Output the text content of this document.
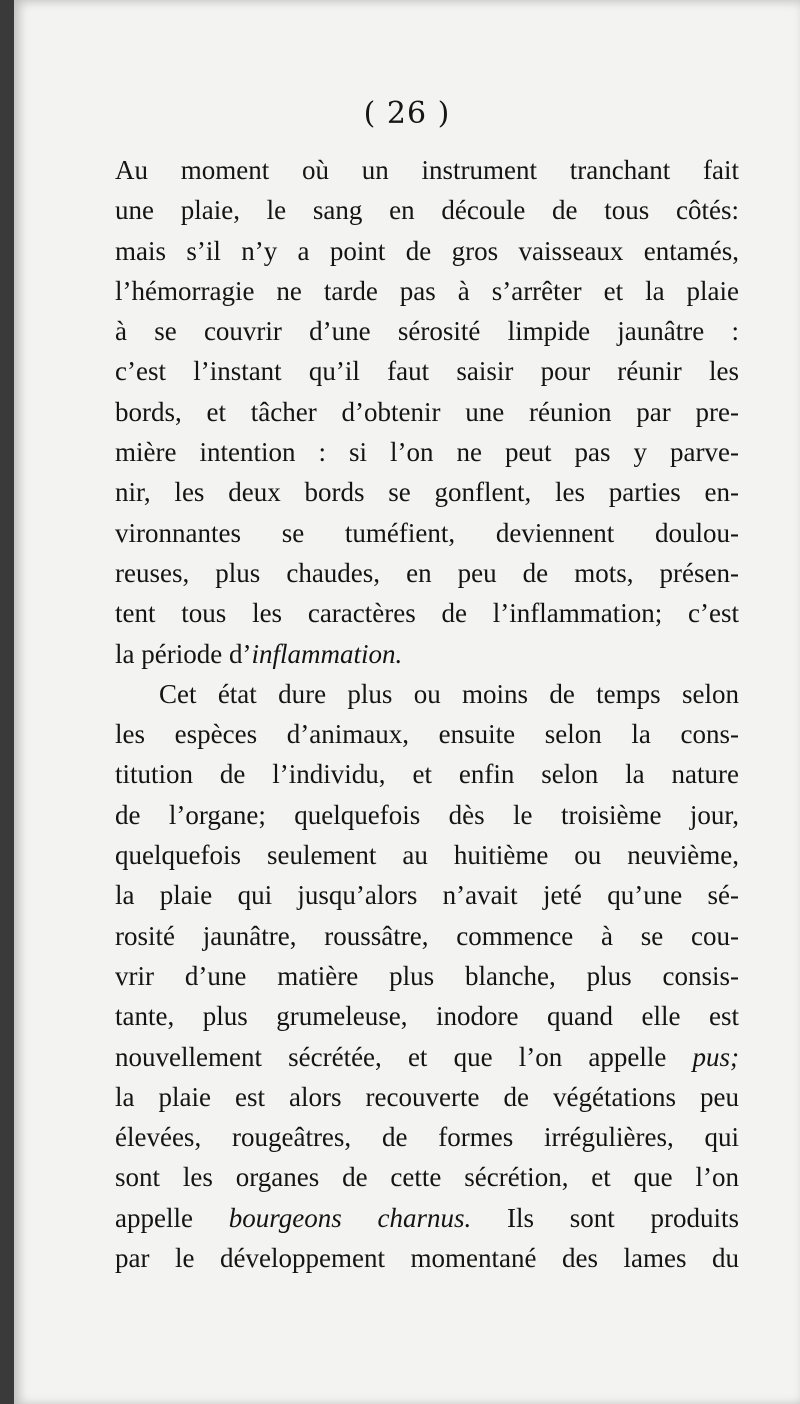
( 26 )
Au moment où un instrument tranchant fait
une plaie, le sang en découle de tous côtés:
mais s’il n’y a point de gros vaisseaux entamés,
l’hémorragie ne tarde pas à s’arrêter et la plaie
à se couvrir d’une sérosité limpide jaunâtre :
c’est l’instant qu’il faut saisir pour réunir les
bords, et tâcher d’obtenir une réunion par pre-
mière intention : si l’on ne peut pas y parve-
nir, les deux bords se gonflent, les parties en-
vironnantes se tuméfient, deviennent doulou-
reuses, plus chaudes, en peu de mots, présen-
tent tous les caractères de l’inflammation; c’est
la période d’inflammation.
Cet état dure plus ou moins de temps selon
les espèces d’animaux, ensuite selon la cons-
titution de l’individu, et enfin selon la nature
de l’organe; quelquefois dès le troisième jour,
quelquefois seulement au huitième ou neuvième,
la plaie qui jusqu’alors n’avait jeté qu’une sé-
rosité jaunâtre, roussâtre, commence à se cou-
vrir d’une matière plus blanche, plus consis-
tante, plus grumeleuse, inodore quand elle est
nouvellement sécrétée, et que l’on appelle pus;
la plaie est alors recouverte de végétations peu
élevées, rougeâtres, de formes irrégulières, qui
sont les organes de cette sécrétion, et que l’on
appelle bourgeons charnus. Ils sont produits
par le développement momentané des lames du
